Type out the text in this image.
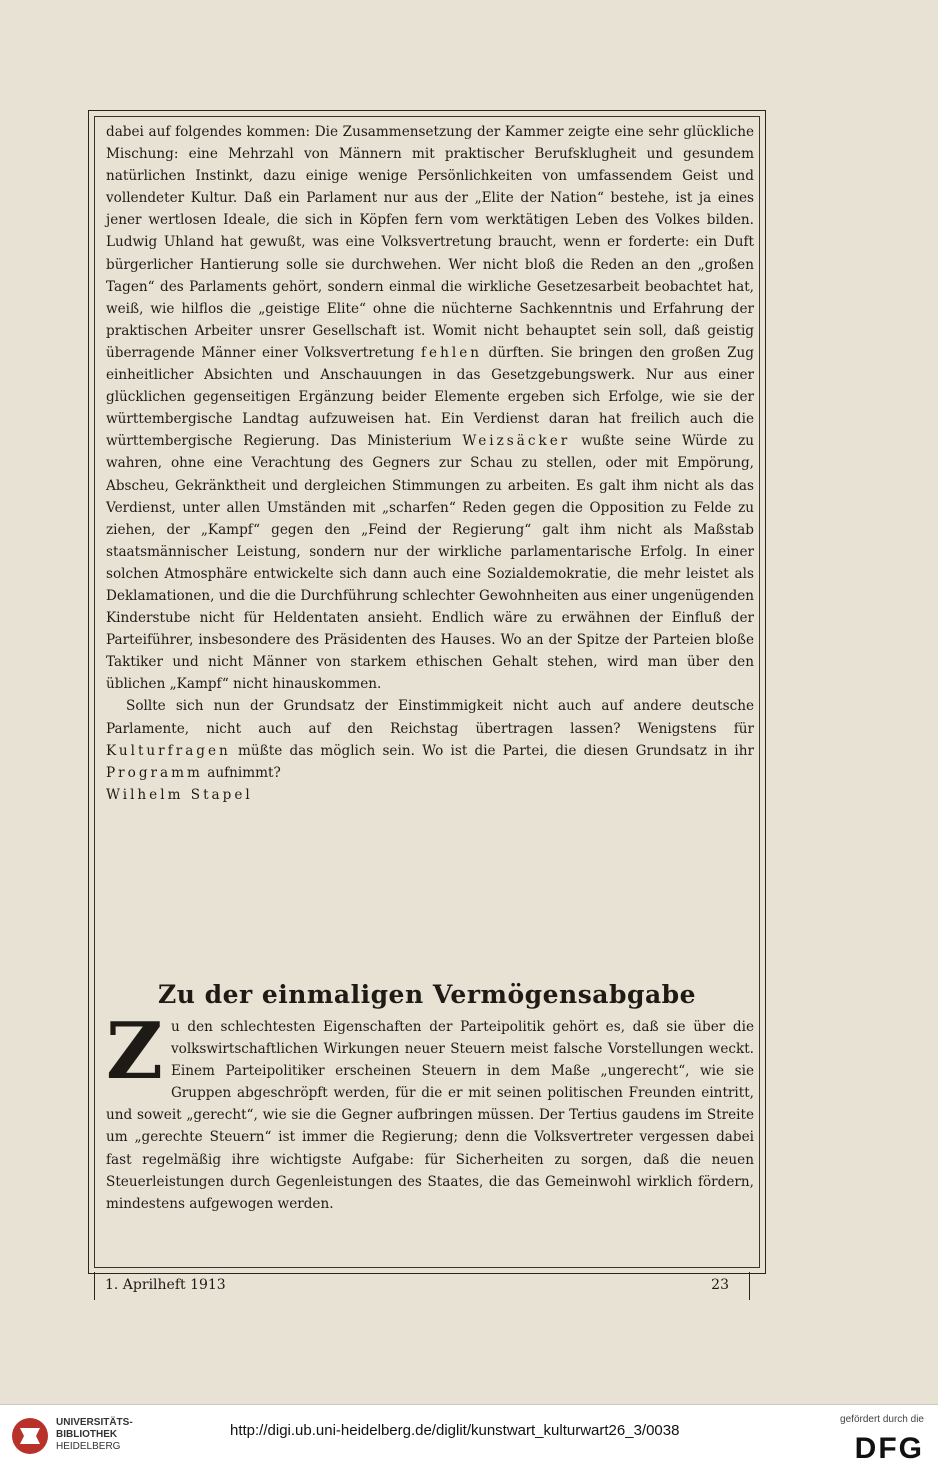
dabei auf folgendes kommen: Die Zusammensetzung der Kammer zeigte eine sehr glückliche Mischung: eine Mehrzahl von Männern mit praktischer Berufsklugheit und gesundem natürlichen Instinkt, dazu einige wenige Persönlichkeiten von umfassendem Geist und vollendeter Kultur. Daß ein Parlament nur aus der „Elite der Nation“ bestehe, ist ja eines jener wertlosen Ideale, die sich in Köpfen fern vom werktätigen Leben des Volkes bilden. Ludwig Uhland hat gewußt, was eine Volksvertretung braucht, wenn er forderte: ein Duft bürgerlicher Hantierung solle sie durchwehen. Wer nicht bloß die Reden an den „großen Tagen“ des Parlaments gehört, sondern einmal die wirkliche Gesetzesarbeit beobachtet hat, weiß, wie hilflos die „geistige Elite“ ohne die nüchterne Sachkenntnis und Erfahrung der praktischen Arbeiter unsrer Gesellschaft ist. Womit nicht behauptet sein soll, daß geistig überragende Männer einer Volksvertretung fehlen dürften. Sie bringen den großen Zug einheitlicher Absichten und Anschauungen in das Gesetzgebungswerk. Nur aus einer glücklichen gegenseitigen Ergänzung beider Elemente ergeben sich Erfolge, wie sie der württembergische Landtag aufzuweisen hat. Ein Verdienst daran hat freilich auch die württembergische Regierung. Das Ministerium Weizsäcker wußte seine Würde zu wahren, ohne eine Verachtung des Gegners zur Schau zu stellen, oder mit Empörung, Abscheu, Gekränktheit und dergleichen Stimmungen zu arbeiten. Es galt ihm nicht als das Verdienst, unter allen Umständen mit „scharfen“ Reden gegen die Opposition zu Felde zu ziehen, der „Kampf“ gegen den „Feind der Regierung“ galt ihm nicht als Maßstab staatsmännischer Leistung, sondern nur der wirkliche parlamentarische Erfolg. In einer solchen Atmosphäre entwickelte sich dann auch eine Sozialdemokratie, die mehr leistet als Deklamationen, und die die Durchführung schlechter Gewohnheiten aus einer ungenügenden Kinderstube nicht für Heldentaten ansieht. Endlich wäre zu erwähnen der Einfluß der Parteiführer, insbesondere des Präsidenten des Hauses. Wo an der Spitze der Parteien bloße Taktiker und nicht Männer von starkem ethischen Gehalt stehen, wird man über den üblichen „Kampf“ nicht hinauskommen.

Sollte sich nun der Grundsatz der Einstimmigkeit nicht auch auf andere deutsche Parlamente, nicht auch auf den Reichstag übertragen lassen? Wenigstens für Kulturfragen müßte das möglich sein. Wo ist die Partei, die diesen Grundsatz in ihr Programm aufnimmt?

Wilhelm Stapel

Zu der einmaligen Vermögensabgabe

Zu den schlechtesten Eigenschaften der Parteipolitik gehört es, daß sie über die volkswirtschaftlichen Wirkungen neuer Steuern meist falsche Vorstellungen weckt. Einem Parteipolitiker erscheinen Steuern in dem Maße „ungerecht“, wie sie Gruppen abgeschröpft werden, für die er mit seinen politischen Freunden eintritt, und soweit „gerecht“, wie sie die Gegner aufbringen müssen. Der Tertius gaudens im Streite um „gerechte Steuern“ ist immer die Regierung; denn die Volksvertreter vergessen dabei fast regelmäßig ihre wichtigste Aufgabe: für Sicherheiten zu sorgen, daß die neuen Steuerleistungen durch Gegenleistungen des Staates, die das Gemeinwohl wirklich fördern, mindestens aufgewogen werden.

1. Aprilheft 1913	23
UNIVERSITÄTS-
BIBLIOTHEK
HEIDELBERG
http://digi.ub.uni-heidelberg.de/diglit/kunstwart_kulturwart26_3/0038
gefördert durch die
DFG
